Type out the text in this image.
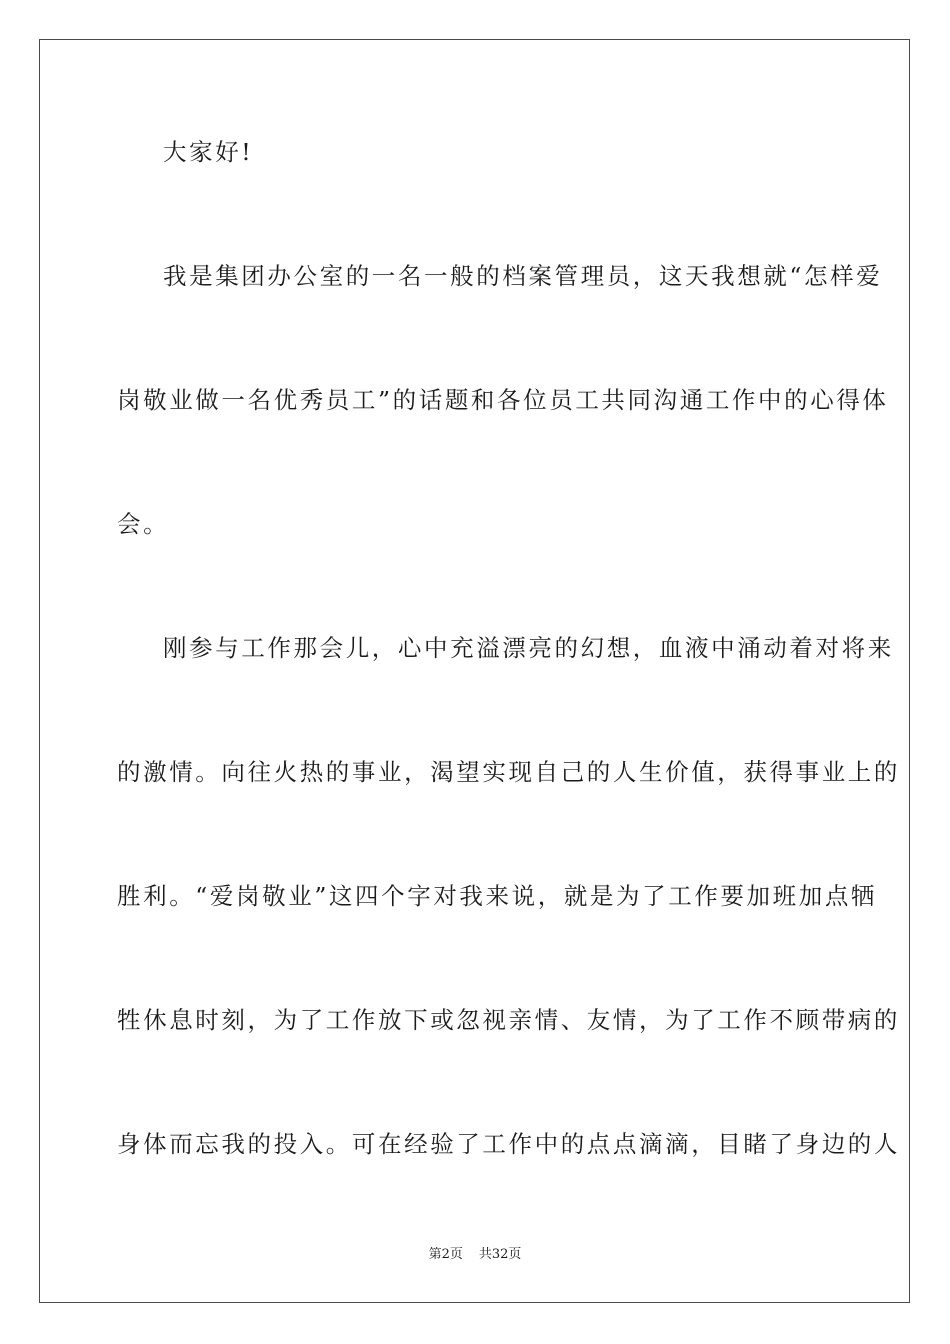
大家好!
我是集团办公室的一名一般的档案管理员，这天我想就“怎样爱
岗敬业做一名优秀员工”的话题和各位员工共同沟通工作中的心得体
会。
刚参与工作那会儿，心中充溢漂亮的幻想，血液中涌动着对将来
的激情。向往火热的事业，渴望实现自己的人生价值，获得事业上的
胜利。“爱岗敬业”这四个字对我来说，就是为了工作要加班加点牺
牲休息时刻，为了工作放下或忽视亲情、友情，为了工作不顾带病的
身体而忘我的投入。可在经验了工作中的点点滴滴，目睹了身边的人
第2页 共32页
